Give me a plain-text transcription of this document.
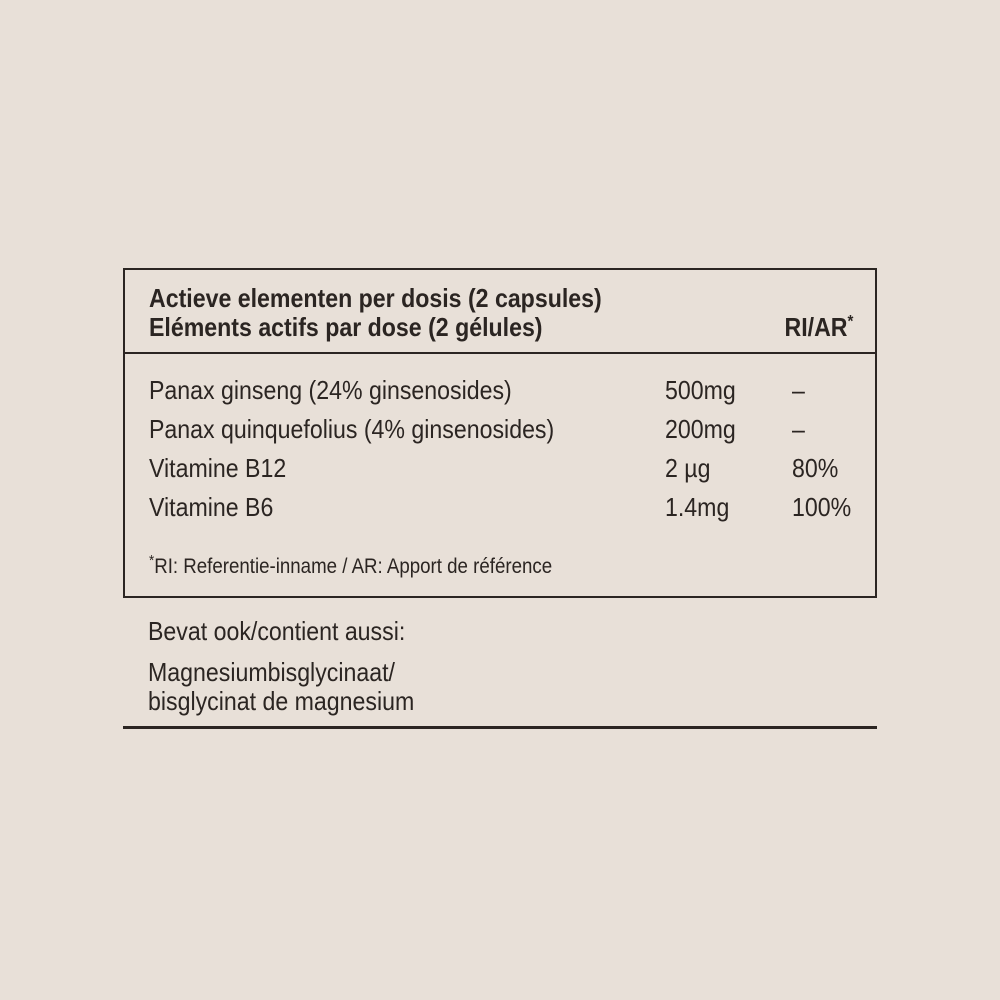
Actieve elementen per dosis (2 capsules)
Eléments actifs par dose (2 gélules)	RI/AR*
Panax ginseng (24% ginsenosides)	500mg	–
Panax quinquefolius (4% ginsenosides)	200mg	–
Vitamine B12	2 µg	80%
Vitamine B6	1.4mg	100%
*RI: Referentie-inname / AR: Apport de référence
Bevat ook/contient aussi:
Magnesiumbisglycinaat/
bisglycinat de magnesium
